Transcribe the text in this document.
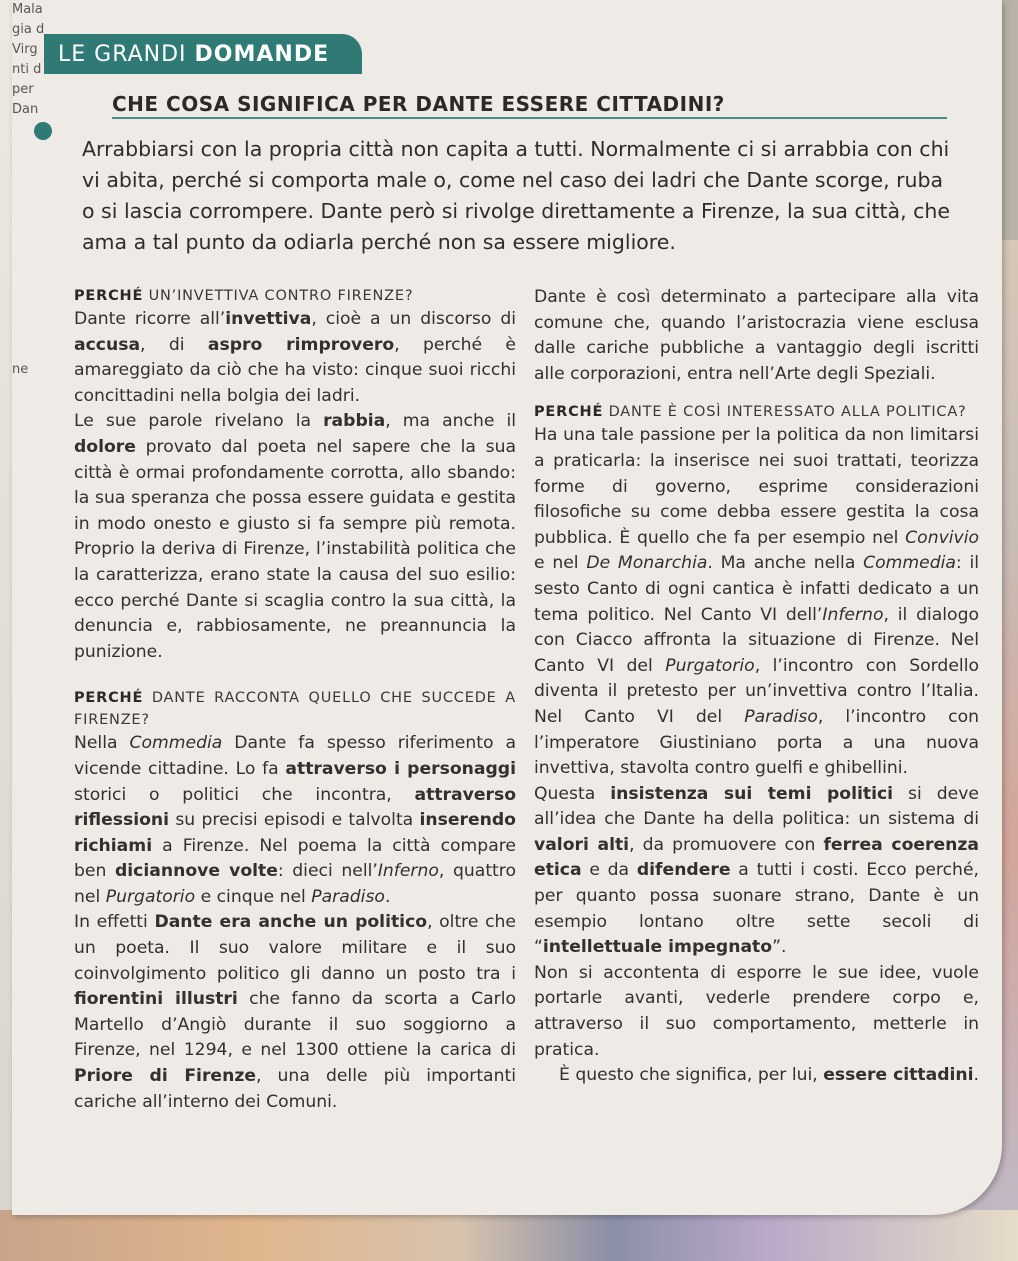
Mala
gia d
Virg
nti d
per
Dan
ne
LE GRANDI DOMANDE
CHE COSA SIGNIFICA PER DANTE ESSERE CITTADINI?

Arrabbiarsi con la propria città non capita a tutti. Normalmente ci si arrabbia con chi vi abita, perché si comporta male o, come nel caso dei ladri che Dante scorge, ruba o si lascia corrompere. Dante però si rivolge direttamente a Firenze, la sua città, che ama a tal punto da odiarla perché non sa essere migliore.

PERCHÉ UN’INVETTIVA CONTRO FIRENZE?

Dante ricorre all’invettiva, cioè a un discorso di accusa, di aspro rimprovero, perché è amareggiato da ciò che ha visto: cinque suoi ricchi concittadini nella bolgia dei ladri.

Le sue parole rivelano la rabbia, ma anche il dolore provato dal poeta nel sapere che la sua città è ormai profondamente corrotta, allo sbando: la sua speranza che possa essere guidata e gestita in modo onesto e giusto si fa sempre più remota. Proprio la deriva di Firenze, l’instabilità politica che la caratterizza, erano state la causa del suo esilio: ecco perché Dante si scaglia contro la sua città, la denuncia e, rabbiosamente, ne preannuncia la punizione.

PERCHÉ DANTE RACCONTA QUELLO CHE SUCCEDE A FIRENZE?

Nella Commedia Dante fa spesso riferimento a vicende cittadine. Lo fa attraverso i personaggi storici o politici che incontra, attraverso riflessioni su precisi episodi e talvolta inserendo richiami a Firenze. Nel poema la città compare ben diciannove volte: dieci nell’Inferno, quattro nel Purgatorio e cinque nel Paradiso.

In effetti Dante era anche un politico, oltre che un poeta. Il suo valore militare e il suo coinvolgimento politico gli danno un posto tra i fiorentini illustri che fanno da scorta a Carlo Martello d’Angiò durante il suo soggiorno a Firenze, nel 1294, e nel 1300 ottiene la carica di Priore di Firenze, una delle più importanti cariche all’interno dei Comuni.

Dante è così determinato a partecipare alla vita comune che, quando l’aristocrazia viene esclusa dalle cariche pubbliche a vantaggio degli iscritti alle corporazioni, entra nell’Arte degli Speziali.

PERCHÉ DANTE È COSÌ INTERESSATO ALLA POLITICA?

Ha una tale passione per la politica da non limitarsi a praticarla: la inserisce nei suoi trattati, teorizza forme di governo, esprime considerazioni filosofiche su come debba essere gestita la cosa pubblica. È quello che fa per esempio nel Convivio e nel De Monarchia. Ma anche nella Commedia: il sesto Canto di ogni cantica è infatti dedicato a un tema politico. Nel Canto VI dell’Inferno, il dialogo con Ciacco affronta la situazione di Firenze. Nel Canto VI del Purgatorio, l’incontro con Sordello diventa il pretesto per un’invettiva contro l’Italia. Nel Canto VI del Paradiso, l’incontro con l’imperatore Giustiniano porta a una nuova invettiva, stavolta contro guelfi e ghibellini.

Questa insistenza sui temi politici si deve all’idea che Dante ha della politica: un sistema di valori alti, da promuovere con ferrea coerenza etica e da difendere a tutti i costi. Ecco perché, per quanto possa suonare strano, Dante è un esempio lontano oltre sette secoli di “intellettuale impegnato”.

Non si accontenta di esporre le sue idee, vuole portarle avanti, vederle prendere corpo e, attraverso il suo comportamento, metterle in pratica.

È questo che significa, per lui, essere cittadini.
